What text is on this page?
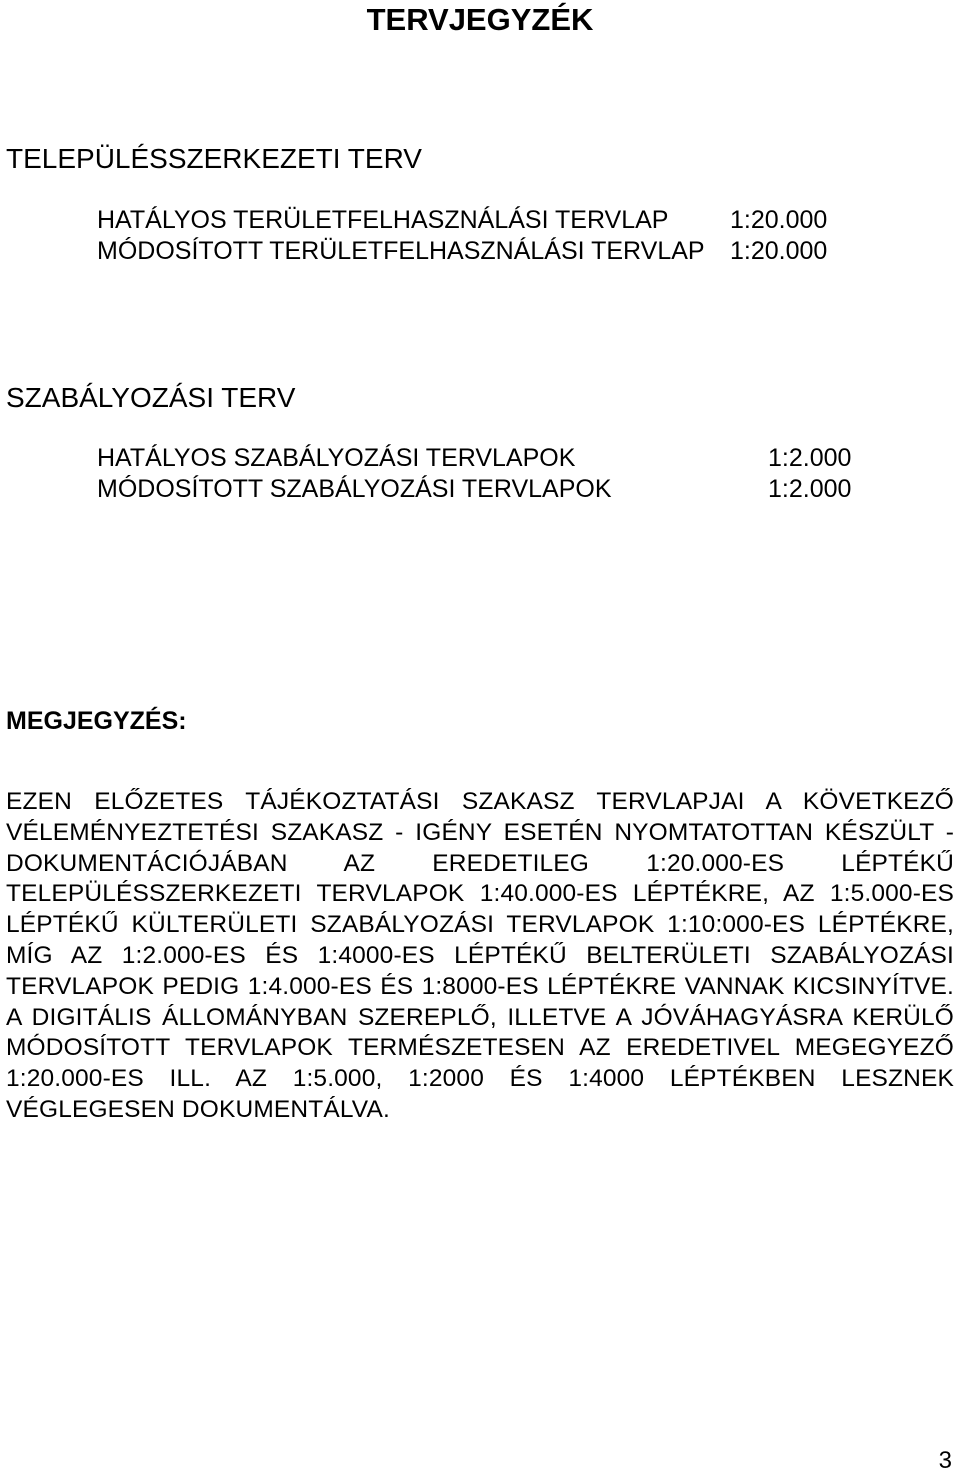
TERVJEGYZÉK
TELEPÜLÉSSZERKEZETI TERV
HATÁLYOS TERÜLETFELHASZNÁLÁSI TERVLAP 1:20.000
MÓDOSÍTOTT TERÜLETFELHASZNÁLÁSI TERVLAP 1:20.000
SZABÁLYOZÁSI TERV
HATÁLYOS SZABÁLYOZÁSI TERVLAPOK	1:2.000
MÓDOSÍTOTT SZABÁLYOZÁSI TERVLAPOK	1:2.000
MEGJEGYZÉS:

EZEN ELŐZETES TÁJÉKOZTATÁSI SZAKASZ TERVLAPJAI A KÖVETKEZŐ VÉLEMÉNYEZTETÉSI SZAKASZ - IGÉNY ESETÉN NYOMTATOTTAN KÉSZÜLT - DOKUMENTÁCIÓJÁBAN AZ EREDETILEG 1:20.000-ES LÉPTÉKŰ TELEPÜLÉSSZERKEZETI TERVLAPOK 1:40.000-ES LÉPTÉKRE, AZ 1:5.000-ES LÉPTÉKŰ KÜLTERÜLETI SZABÁLYOZÁSI TERVLAPOK 1:10:000-ES LÉPTÉKRE, MÍG AZ 1:2.000-ES ÉS 1:4000-ES LÉPTÉKŰ BELTERÜLETI SZABÁLYOZÁSI TERVLAPOK PEDIG 1:4.000-ES ÉS 1:8000-ES LÉPTÉKRE VANNAK KICSINYÍTVE. A DIGITÁLIS ÁLLOMÁNYBAN SZEREPLŐ, ILLETVE A JÓVÁHAGYÁSRA KERÜLŐ MÓDOSÍTOTT TERVLAPOK TERMÉSZETESEN AZ EREDETIVEL MEGEGYEZŐ 1:20.000-ES ILL. AZ 1:5.000, 1:2000 ÉS 1:4000 LÉPTÉKBEN LESZNEK VÉGLEGESEN DOKUMENTÁLVA.

3
